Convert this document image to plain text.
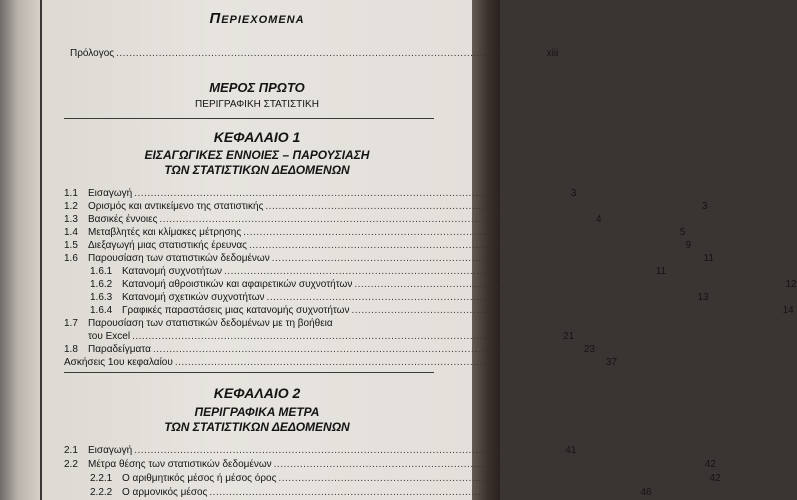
Περιεχομενα
Πρόλογος .................................................................................................................................. xiii
ΜΕΡΟΣ ΠΡΩΤΟ
ΠΕΡΙΓΡΑΦΙΚΗ ΣΤΑΤΙΣΤΙΚΗ
ΚΕΦΑΛΑΙΟ 1
ΕΙΣΑΓΩΓΙΚΕΣ ΕΝΝΟΙΕΣ – ΠΑΡΟΥΣΙΑΣΗ
ΤΩΝ ΣΤΑΤΙΣΤΙΚΩΝ ΔΕΔΟΜΕΝΩΝ
1.1	Εισαγωγή ..................................................................................................................................	3
1.2	Ορισμός και αντικείμενο της στατιστικής ..................................................................................................................................	3
1.3	Βασικές έννοιες ..................................................................................................................................	4
1.4	Μεταβλητές και κλίμακες μέτρησης ..................................................................................................................................	5
1.5	Διεξαγωγή μιας στατιστικής έρευνας ..................................................................................................................................	9
1.6	Παρουσίαση των στατιστικών δεδομένων .................................................................................................................................. 11
1.6.1 Κατανομή συχνοτήτων .................................................................................................................................. 11
1.6.2 Κατανομή αθροιστικών και αφαιρετικών συχνοτήτων .................................................................................................................................. 12
1.6.3 Κατανομή σχετικών συχνοτήτων .................................................................................................................................. 13
1.6.4 Γραφικές παραστάσεις μιας κατανομής συχνοτήτων .................................................................................................................................. 14
1.7	Παρουσίαση των στατιστικών δεδομένων με τη βοήθεια
του Excel .................................................................................................................................. 21
1.8	Παραδείγματα .................................................................................................................................. 23
Ασκήσεις 1ου κεφαλαίου .................................................................................................................................. 37
ΚΕΦΑΛΑΙΟ 2
ΠΕΡΙΓΡΑΦΙΚΑ ΜΕΤΡΑ
ΤΩΝ ΣΤΑΤΙΣΤΙΚΩΝ ΔΕΔΟΜΕΝΩΝ
2.1	Εισαγωγή .................................................................................................................................. 41
2.2	Μέτρα θέσης των στατιστικών δεδομένων .................................................................................................................................. 42
2.2.1 Ο αριθμητικός μέσος ή μέσος όρος .................................................................................................................................. 42
2.2.2 Ο αρμονικός μέσος .................................................................................................................................. 46
